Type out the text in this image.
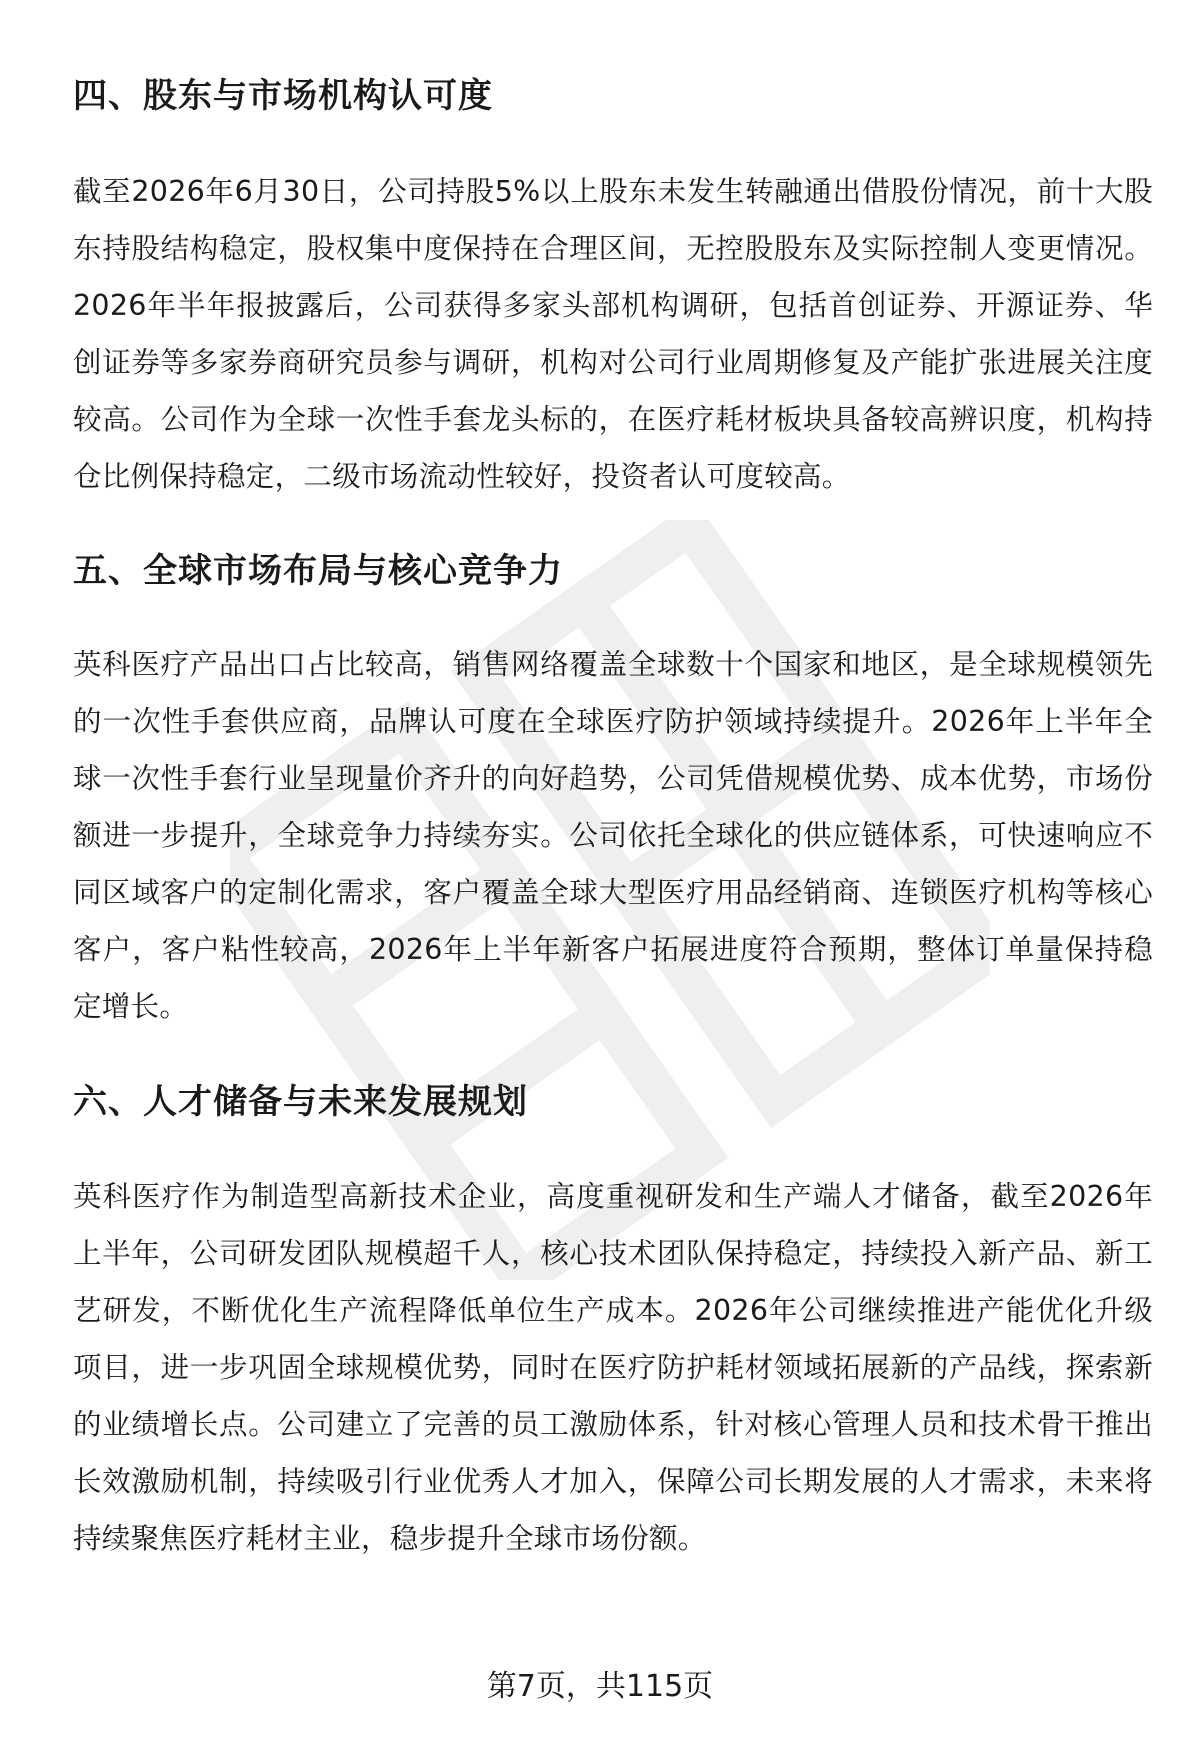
四、股东与市场机构认可度

截至2026年6月30日，公司持股5%以上股东未发生转融通出借股份情况，前十大股东持股结构稳定，股权集中度保持在合理区间，无控股股东及实际控制人变更情况。2026年半年报披露后，公司获得多家头部机构调研，包括首创证券、开源证券、华创证券等多家券商研究员参与调研，机构对公司行业周期修复及产能扩张进展关注度较高。公司作为全球一次性手套龙头标的，在医疗耗材板块具备较高辨识度，机构持仓比例保持稳定，二级市场流动性较好，投资者认可度较高。

五、全球市场布局与核心竞争力

英科医疗产品出口占比较高，销售网络覆盖全球数十个国家和地区，是全球规模领先的一次性手套供应商，品牌认可度在全球医疗防护领域持续提升。2026年上半年全球一次性手套行业呈现量价齐升的向好趋势，公司凭借规模优势、成本优势，市场份额进一步提升，全球竞争力持续夯实。公司依托全球化的供应链体系，可快速响应不同区域客户的定制化需求，客户覆盖全球大型医疗用品经销商、连锁医疗机构等核心客户，客户粘性较高，2026年上半年新客户拓展进度符合预期，整体订单量保持稳定增长。

六、人才储备与未来发展规划

英科医疗作为制造型高新技术企业，高度重视研发和生产端人才储备，截至2026年上半年，公司研发团队规模超千人，核心技术团队保持稳定，持续投入新产品、新工艺研发，不断优化生产流程降低单位生产成本。2026年公司继续推进产能优化升级项目，进一步巩固全球规模优势，同时在医疗防护耗材领域拓展新的产品线，探索新的业绩增长点。公司建立了完善的员工激励体系，针对核心管理人员和技术骨干推出长效激励机制，持续吸引行业优秀人才加入，保障公司长期发展的人才需求，未来将持续聚焦医疗耗材主业，稳步提升全球市场份额。

第7页，共115页
